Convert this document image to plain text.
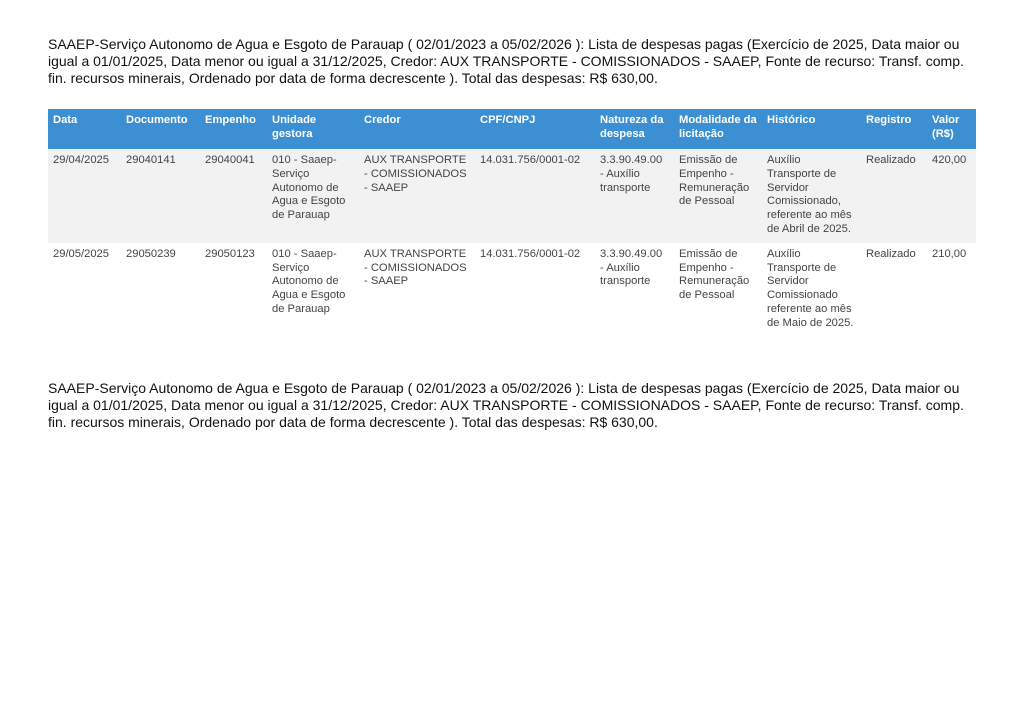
SAAEP-Serviço Autonomo de Agua e Esgoto de Parauap ( 02/01/2023 a 05/02/2026 ): Lista de despesas pagas (Exercício de 2025, Data maior ou igual a 01/01/2025, Data menor ou igual a 31/12/2025, Credor: AUX TRANSPORTE - COMISSIONADOS - SAAEP, Fonte de recurso: Transf. comp. fin. recursos minerais, Ordenado por data de forma decrescente ). Total das despesas: R$ 630,00.

Data	Documento	Empenho	Unidade gestora	Credor	CPF/CNPJ	Natureza da despesa	Modalidade da licitação	Histórico	Registro	Valor (R$)
29/04/2025	29040141	29040041	010 - Saaep-Serviço Autonomo de Agua e Esgoto de Parauap	AUX TRANSPORTE - COMISSIONADOS - SAAEP	14.031.756/0001-02	3.3.90.49.00 - Auxílio transporte	Emissão de Empenho - Remuneração de Pessoal	Auxílio Transporte de Servidor Comissionado, referente ao mês de Abril de 2025.	Realizado	420,00
29/05/2025	29050239	29050123	010 - Saaep-Serviço Autonomo de Agua e Esgoto de Parauap	AUX TRANSPORTE - COMISSIONADOS - SAAEP	14.031.756/0001-02	3.3.90.49.00 - Auxílio transporte	Emissão de Empenho - Remuneração de Pessoal	Auxílio Transporte de Servidor Comissionado referente ao mês de Maio de 2025.	Realizado	210,00

SAAEP-Serviço Autonomo de Agua e Esgoto de Parauap ( 02/01/2023 a 05/02/2026 ): Lista de despesas pagas (Exercício de 2025, Data maior ou igual a 01/01/2025, Data menor ou igual a 31/12/2025, Credor: AUX TRANSPORTE - COMISSIONADOS - SAAEP, Fonte de recurso: Transf. comp. fin. recursos minerais, Ordenado por data de forma decrescente ). Total das despesas: R$ 630,00.
